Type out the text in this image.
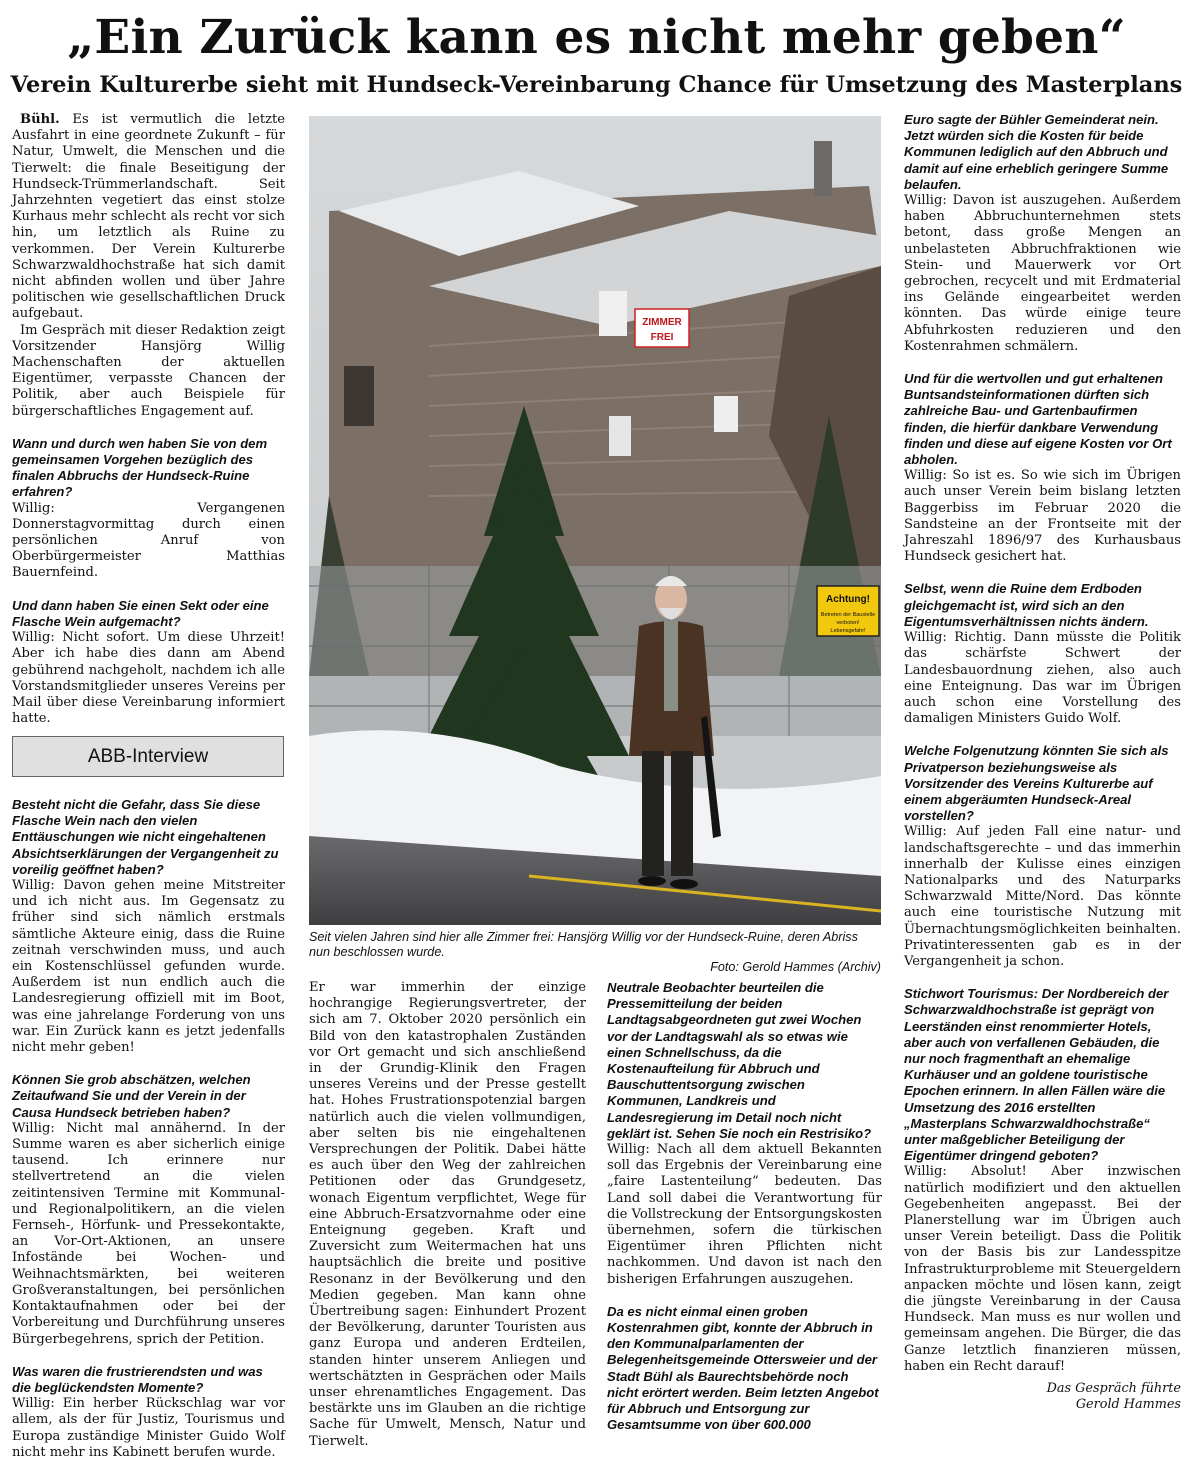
„Ein Zurück kann es nicht mehr geben“
Verein Kulturerbe sieht mit Hundseck-Vereinbarung Chance für Umsetzung des Masterplans

Bühl. Es ist vermutlich die letzte Ausfahrt in eine geordnete Zukunft – für Natur, Umwelt, die Menschen und die Tierwelt: die finale Beseitigung der Hundseck-Trümmerlandschaft. Seit Jahrzehnten vegetiert das einst stolze Kurhaus mehr schlecht als recht vor sich hin, um letztlich als Ruine zu verkommen. Der Verein Kulturerbe Schwarzwaldhochstraße hat sich damit nicht abfinden wollen und über Jahre politischen wie gesellschaftlichen Druck aufgebaut.

Im Gespräch mit dieser Redaktion zeigt Vorsitzender Hansjörg Willig Machenschaften der aktuellen Eigentümer, verpasste Chancen der Politik, aber auch Beispiele für bürgerschaftliches Engagement auf.

Wann und durch wen haben Sie von dem gemeinsamen Vorgehen bezüglich des finalen Abbruchs der Hundseck-Ruine erfahren?

Willig: Vergangenen Donnerstagvormittag durch einen persönlichen Anruf von Oberbürgermeister Matthias Bauernfeind.

Und dann haben Sie einen Sekt oder eine Flasche Wein aufgemacht?

Willig: Nicht sofort. Um diese Uhrzeit! Aber ich habe dies dann am Abend gebührend nachgeholt, nachdem ich alle Vorstandsmitglieder unseres Vereins per Mail über diese Vereinbarung informiert hatte.

ABB-Interview

Besteht nicht die Gefahr, dass Sie diese Flasche Wein nach den vielen Enttäuschungen wie nicht eingehaltenen Absichtserklärungen der Vergangenheit zu voreilig geöffnet haben?

Willig: Davon gehen meine Mitstreiter und ich nicht aus. Im Gegensatz zu früher sind sich nämlich erstmals sämtliche Akteure einig, dass die Ruine zeitnah verschwinden muss, und auch ein Kostenschlüssel gefunden wurde. Außerdem ist nun endlich auch die Landesregierung offiziell mit im Boot, was eine jahrelange Forderung von uns war. Ein Zurück kann es jetzt jedenfalls nicht mehr geben!

Können Sie grob abschätzen, welchen Zeitaufwand Sie und der Verein in der Causa Hundseck betrieben haben?

Willig: Nicht mal annähernd. In der Summe waren es aber sicherlich einige tausend. Ich erinnere nur stellvertretend an die vielen zeitintensiven Termine mit Kommunal- und Regionalpolitikern, an die vielen Fernseh-, Hörfunk- und Pressekontakte, an Vor-Ort-Aktionen, an unsere Infostände bei Wochen- und Weihnachtsmärkten, bei weiteren Großveranstaltungen, bei persönlichen Kontaktaufnahmen oder bei der Vorbereitung und Durchführung unseres Bürgerbegehrens, sprich der Petition.

Was waren die frustrierendsten und was die beglückendsten Momente?

Willig: Ein herber Rückschlag war vor allem, als der für Justiz, Tourismus und Europa zuständige Minister Guido Wolf nicht mehr ins Kabinett berufen wurde.

ZIMMER
FREI
Achtung!
Betreten der Baustelle
verboten!
Lebensgefahr!
Seit vielen Jahren sind hier alle Zimmer frei: Hansjörg Willig vor der Hundseck-Ruine, deren Abriss nun beschlossen wurde.

Foto: Gerold Hammes (Archiv)

Er war immerhin der einzige hochrangige Regierungsvertreter, der sich am 7. Oktober 2020 persönlich ein Bild von den katastrophalen Zuständen vor Ort gemacht und sich anschließend in der Grundig-Klinik den Fragen unseres Vereins und der Presse gestellt hat. Hohes Frustrationspotenzial bargen natürlich auch die vielen vollmundigen, aber selten bis nie eingehaltenen Versprechungen der Politik. Dabei hätte es auch über den Weg der zahlreichen Petitionen oder das Grundgesetz, wonach Eigentum verpflichtet, Wege für eine Abbruch-Ersatzvornahme oder eine Enteignung gegeben. Kraft und Zuversicht zum Weitermachen hat uns hauptsächlich die breite und positive Resonanz in der Bevölkerung und den Medien gegeben. Man kann ohne Übertreibung sagen: Einhundert Prozent der Bevölkerung, darunter Touristen aus ganz Europa und anderen Erdteilen, standen hinter unserem Anliegen und wertschätzten in Gesprächen oder Mails unser ehrenamtliches Engagement. Das bestärkte uns im Glauben an die richtige Sache für Umwelt, Mensch, Natur und Tierwelt.

Neutrale Beobachter beurteilen die Pressemitteilung der beiden Landtagsabgeordneten gut zwei Wochen vor der Landtagswahl als so etwas wie einen Schnellschuss, da die Kostenaufteilung für Abbruch und Bauschuttentsorgung zwischen Kommunen, Landkreis und Landesregierung im Detail noch nicht geklärt ist. Sehen Sie noch ein Restrisiko?

Willig: Nach all dem aktuell Bekannten soll das Ergebnis der Vereinbarung eine „faire Lastenteilung“ bedeuten. Das Land soll dabei die Verantwortung für die Vollstreckung der Entsorgungskosten übernehmen, sofern die türkischen Eigentümer ihren Pflichten nicht nachkommen. Und davon ist nach den bisherigen Erfahrungen auszugehen.

Da es nicht einmal einen groben Kostenrahmen gibt, konnte der Abbruch in den Kommunalparlamenten der Belegenheitsgemeinde Ottersweier und der Stadt Bühl als Baurechtsbehörde noch nicht erörtert werden. Beim letzten Angebot für Abbruch und Entsorgung zur Gesamtsumme von über 600.000

Euro sagte der Bühler Gemeinderat nein. Jetzt würden sich die Kosten für beide Kommunen lediglich auf den Abbruch und damit auf eine erheblich geringere Summe belaufen.

Willig: Davon ist auszugehen. Außerdem haben Abbruchunternehmen stets betont, dass große Mengen an unbelasteten Abbruchfraktionen wie Stein- und Mauerwerk vor Ort gebrochen, recycelt und mit Erdmaterial ins Gelände eingearbeitet werden könnten. Das würde einige teure Abfuhrkosten reduzieren und den Kostenrahmen schmälern.

Und für die wertvollen und gut erhaltenen Buntsandsteinformationen dürften sich zahlreiche Bau- und Gartenbaufirmen finden, die hierfür dankbare Verwendung finden und diese auf eigene Kosten vor Ort abholen.

Willig: So ist es. So wie sich im Übrigen auch unser Verein beim bislang letzten Baggerbiss im Februar 2020 die Sandsteine an der Frontseite mit der Jahreszahl 1896/97 des Kurhausbaus Hundseck gesichert hat.

Selbst, wenn die Ruine dem Erdboden gleichgemacht ist, wird sich an den Eigentumsverhältnissen nichts ändern.

Willig: Richtig. Dann müsste die Politik das schärfste Schwert der Landesbauordnung ziehen, also auch eine Enteignung. Das war im Übrigen auch schon eine Vorstellung des damaligen Ministers Guido Wolf.

Welche Folgenutzung könnten Sie sich als Privatperson beziehungsweise als Vorsitzender des Vereins Kulturerbe auf einem abgeräumten Hundseck-Areal vorstellen?

Willig: Auf jeden Fall eine natur- und landschaftsgerechte – und das immerhin innerhalb der Kulisse eines einzigen Nationalparks und des Naturparks Schwarzwald Mitte/Nord. Das könnte auch eine touristische Nutzung mit Übernachtungsmöglichkeiten beinhalten. Privatinteressenten gab es in der Vergangenheit ja schon.

Stichwort Tourismus: Der Nordbereich der Schwarzwaldhochstraße ist geprägt von Leerständen einst renommierter Hotels, aber auch von verfallenen Gebäuden, die nur noch fragmenthaft an ehemalige Kurhäuser und an goldene touristische Epochen erinnern. In allen Fällen wäre die Umsetzung des 2016 erstellten „Masterplans Schwarzwaldhochstraße“ unter maßgeblicher Beteiligung der Eigentümer dringend geboten?

Willig: Absolut! Aber inzwischen natürlich modifiziert und den aktuellen Gegebenheiten angepasst. Bei der Planerstellung war im Übrigen auch unser Verein beteiligt. Dass die Politik von der Basis bis zur Landesspitze Infrastrukturprobleme mit Steuergeldern anpacken möchte und lösen kann, zeigt die jüngste Vereinbarung in der Causa Hundseck. Man muss es nur wollen und gemeinsam angehen. Die Bürger, die das Ganze letztlich finanzieren müssen, haben ein Recht darauf!

Das Gespräch führte

Gerold Hammes
